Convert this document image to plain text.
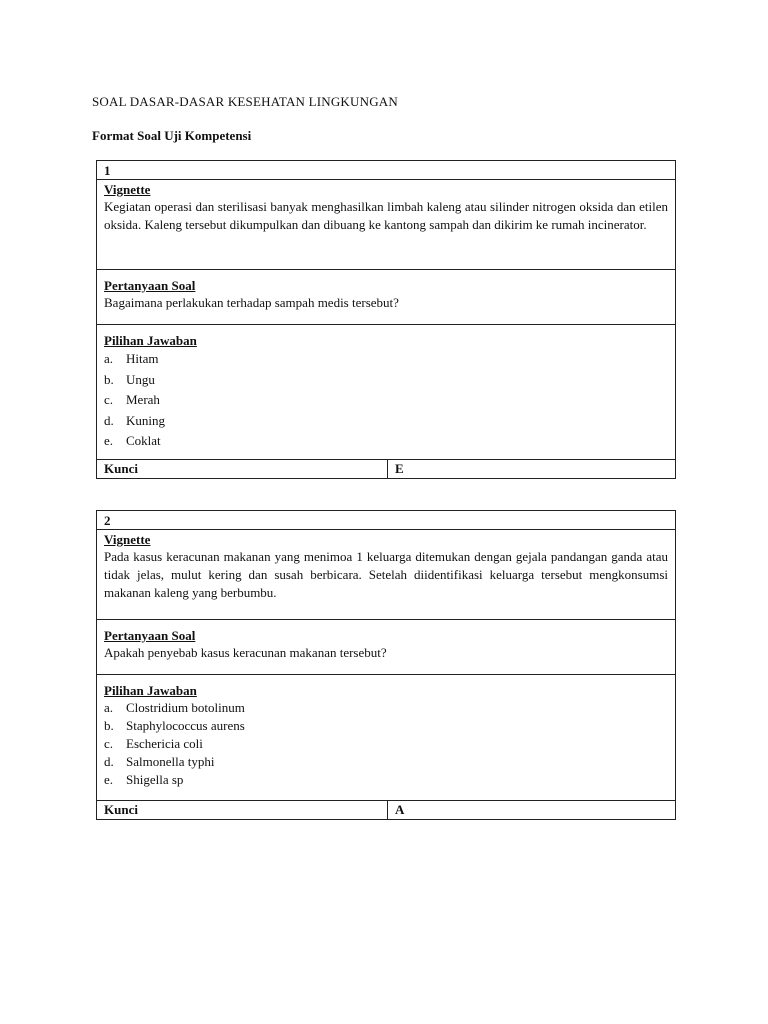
SOAL DASAR-DASAR KESEHATAN LINGKUNGAN
Format Soal Uji Kompetensi
1
Vignette
Kegiatan operasi dan sterilisasi banyak menghasilkan limbah kaleng atau silinder nitrogen oksida dan etilen oksida. Kaleng tersebut dikumpulkan dan dibuang ke kantong sampah dan dikirim ke rumah incinerator.
Pertanyaan Soal
Bagaimana perlakukan terhadap sampah medis tersebut?
Pilihan Jawaban
a. Hitam
b. Ungu
c. Merah
d. Kuning
e. Coklat
Kunci	E
2
Vignette
Pada kasus keracunan makanan yang menimoa 1 keluarga ditemukan dengan gejala pandangan ganda atau tidak jelas, mulut kering dan susah berbicara. Setelah diidentifikasi keluarga tersebut mengkonsumsi makanan kaleng yang berbumbu.
Pertanyaan Soal
Apakah penyebab kasus keracunan makanan tersebut?
Pilihan Jawaban
a. Clostridium botolinum
b. Staphylococcus aurens
c. Eschericia coli
d. Salmonella typhi
e. Shigella sp
Kunci	A
